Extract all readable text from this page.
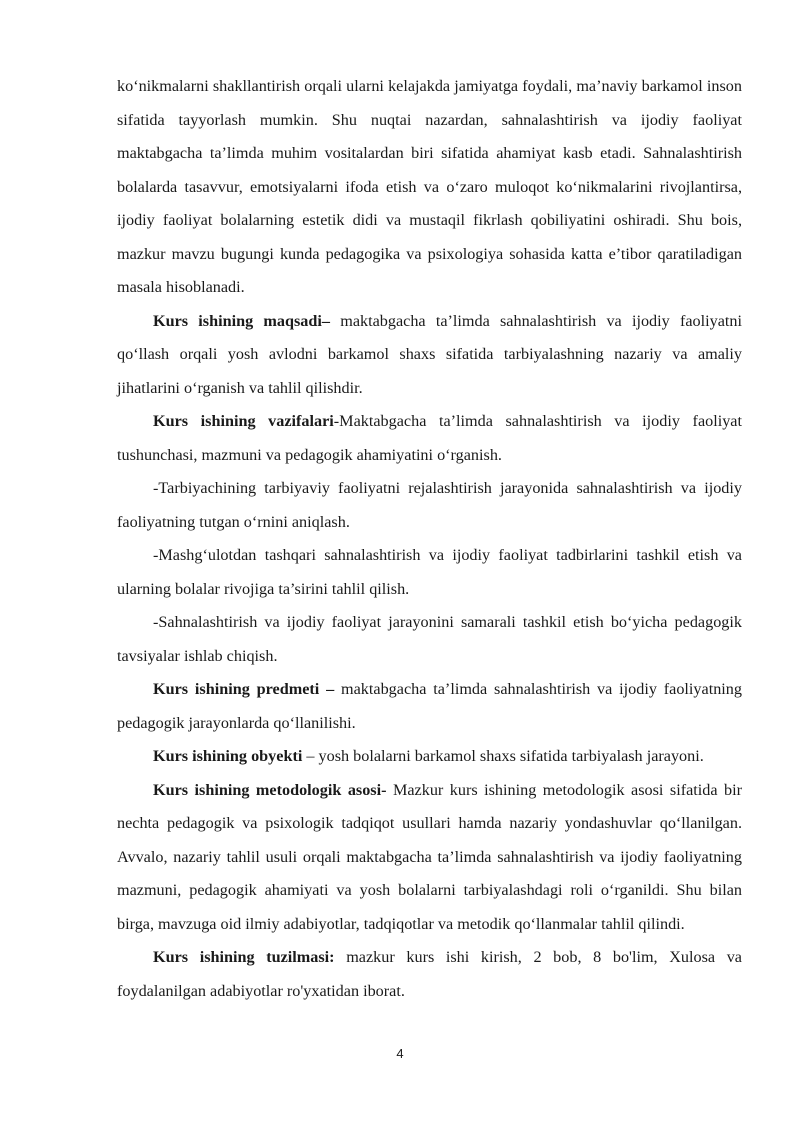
ko‘nikmalarni shakllantirish orqali ularni kelajakda jamiyatga foydali, ma’naviy barkamol inson sifatida tayyorlash mumkin. Shu nuqtai nazardan, sahnalashtirish va ijodiy faoliyat maktabgacha ta’limda muhim vositalardan biri sifatida ahamiyat kasb etadi. Sahnalashtirish bolalarda tasavvur, emotsiyalarni ifoda etish va o‘zaro muloqot ko‘nikmalarini rivojlantirsa, ijodiy faoliyat bolalarning estetik didi va mustaqil fikrlash qobiliyatini oshiradi. Shu bois, mazkur mavzu bugungi kunda pedagogika va psixologiya sohasida katta e’tibor qaratiladigan masala hisoblanadi.

Kurs ishining maqsadi– maktabgacha ta’limda sahnalashtirish va ijodiy faoliyatni qo‘llash orqali yosh avlodni barkamol shaxs sifatida tarbiyalashning nazariy va amaliy jihatlarini o‘rganish va tahlil qilishdir.

Kurs ishining vazifalari-Maktabgacha ta’limda sahnalashtirish va ijodiy faoliyat tushunchasi, mazmuni va pedagogik ahamiyatini o‘rganish.

-Tarbiyachining tarbiyaviy faoliyatni rejalashtirish jarayonida sahnalashtirish va ijodiy faoliyatning tutgan o‘rnini aniqlash.

-Mashg‘ulotdan tashqari sahnalashtirish va ijodiy faoliyat tadbirlarini tashkil etish va ularning bolalar rivojiga ta’sirini tahlil qilish.

-Sahnalashtirish va ijodiy faoliyat jarayonini samarali tashkil etish bo‘yicha pedagogik tavsiyalar ishlab chiqish.

Kurs ishining predmeti – maktabgacha ta’limda sahnalashtirish va ijodiy faoliyatning pedagogik jarayonlarda qo‘llanilishi.

Kurs ishining obyekti – yosh bolalarni barkamol shaxs sifatida tarbiyalash jarayoni.

Kurs ishining metodologik asosi- Mazkur kurs ishining metodologik asosi sifatida bir nechta pedagogik va psixologik tadqiqot usullari hamda nazariy yondashuvlar qo‘llanilgan. Avvalo, nazariy tahlil usuli orqali maktabgacha ta’limda sahnalashtirish va ijodiy faoliyatning mazmuni, pedagogik ahamiyati va yosh bolalarni tarbiyalashdagi roli o‘rganildi. Shu bilan birga, mavzuga oid ilmiy adabiyotlar, tadqiqotlar va metodik qo‘llanmalar tahlil qilindi.

Kurs ishining tuzilmasi: mazkur kurs ishi kirish, 2 bob, 8 bo'lim, Xulosa va foydalanilgan adabiyotlar ro'yxatidan iborat.

4
